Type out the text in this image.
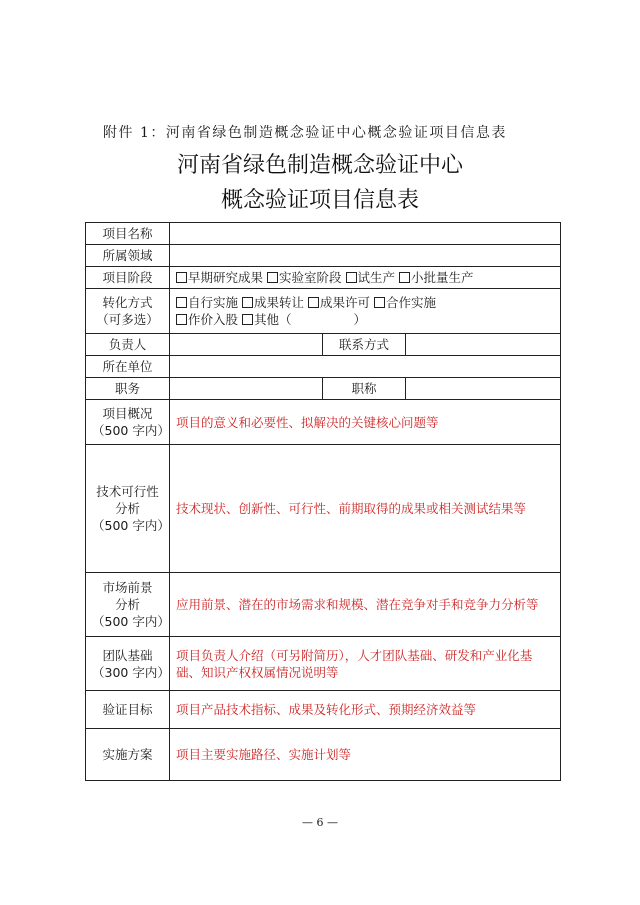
附件 1：河南省绿色制造概念验证中心概念验证项目信息表
河南省绿色制造概念验证中心
概念验证项目信息表
项目名称			
所属领域			
项目阶段	早期研究成果 实验室阶段 试生产 小批量生产		

转化方式
（可多选）	自行实施 成果转让 成果许可 合作实施
作价入股 其他（ ）		

负责人		联系方式	
所在单位			
职务		职称	

项目概况
（500 字内）	项目的意义和必要性、拟解决的关键核心问题等		

技术可行性
分析
（500 字内）	技术现状、创新性、可行性、前期取得的成果或相关测试结果等		

市场前景
分析
（500 字内）	应用前景、潜在的市场需求和规模、潜在竞争对手和竞争力分析等		

团队基础
（300 字内）	项目负责人介绍（可另附简历），人才团队基础、研发和产业化基
础、知识产权权属情况说明等		

验证目标	项目产品技术指标、成果及转化形式、预期经济效益等		
实施方案	项目主要实施路径、实施计划等		
— 6 —
